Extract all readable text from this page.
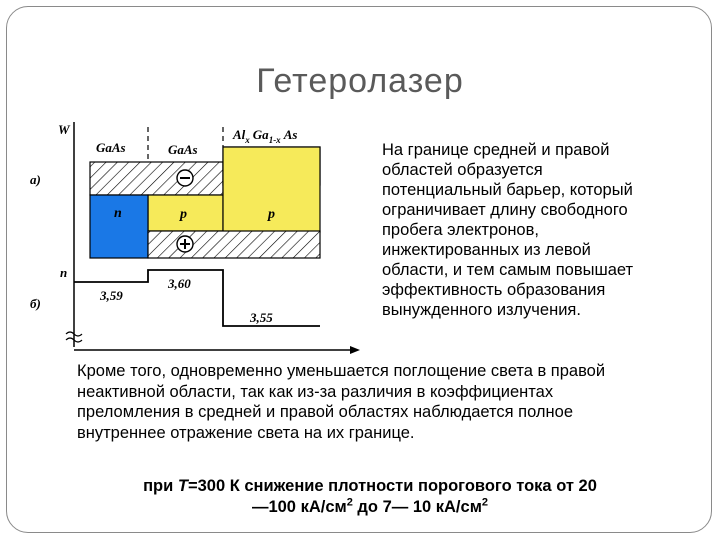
Гетеролазер
W
а)
б)
GaAs	GaAs
$Al_x$ $Ga_{1-x}$ As
n	p	p
n
3,59
3,60
3,55

На границе средней и правой

областей образуется

потенциальный барьер, который

ограничивает длину свободного

пробега электронов,

инжектированных из левой

области, и тем самым повышает

эффективность образования

вынужденного излучения.

Кроме того, одновременно уменьшается поглощение света в правой

неактивной области, так как из-за различия в коэффициентах

преломления в средней и правой областях наблюдается полное

внутреннее отражение света на их границе.

при Т=300 К снижение плотности порогового тока от 20

—100 $кА/см^2$ до 7— 10 $кА/см^2$
